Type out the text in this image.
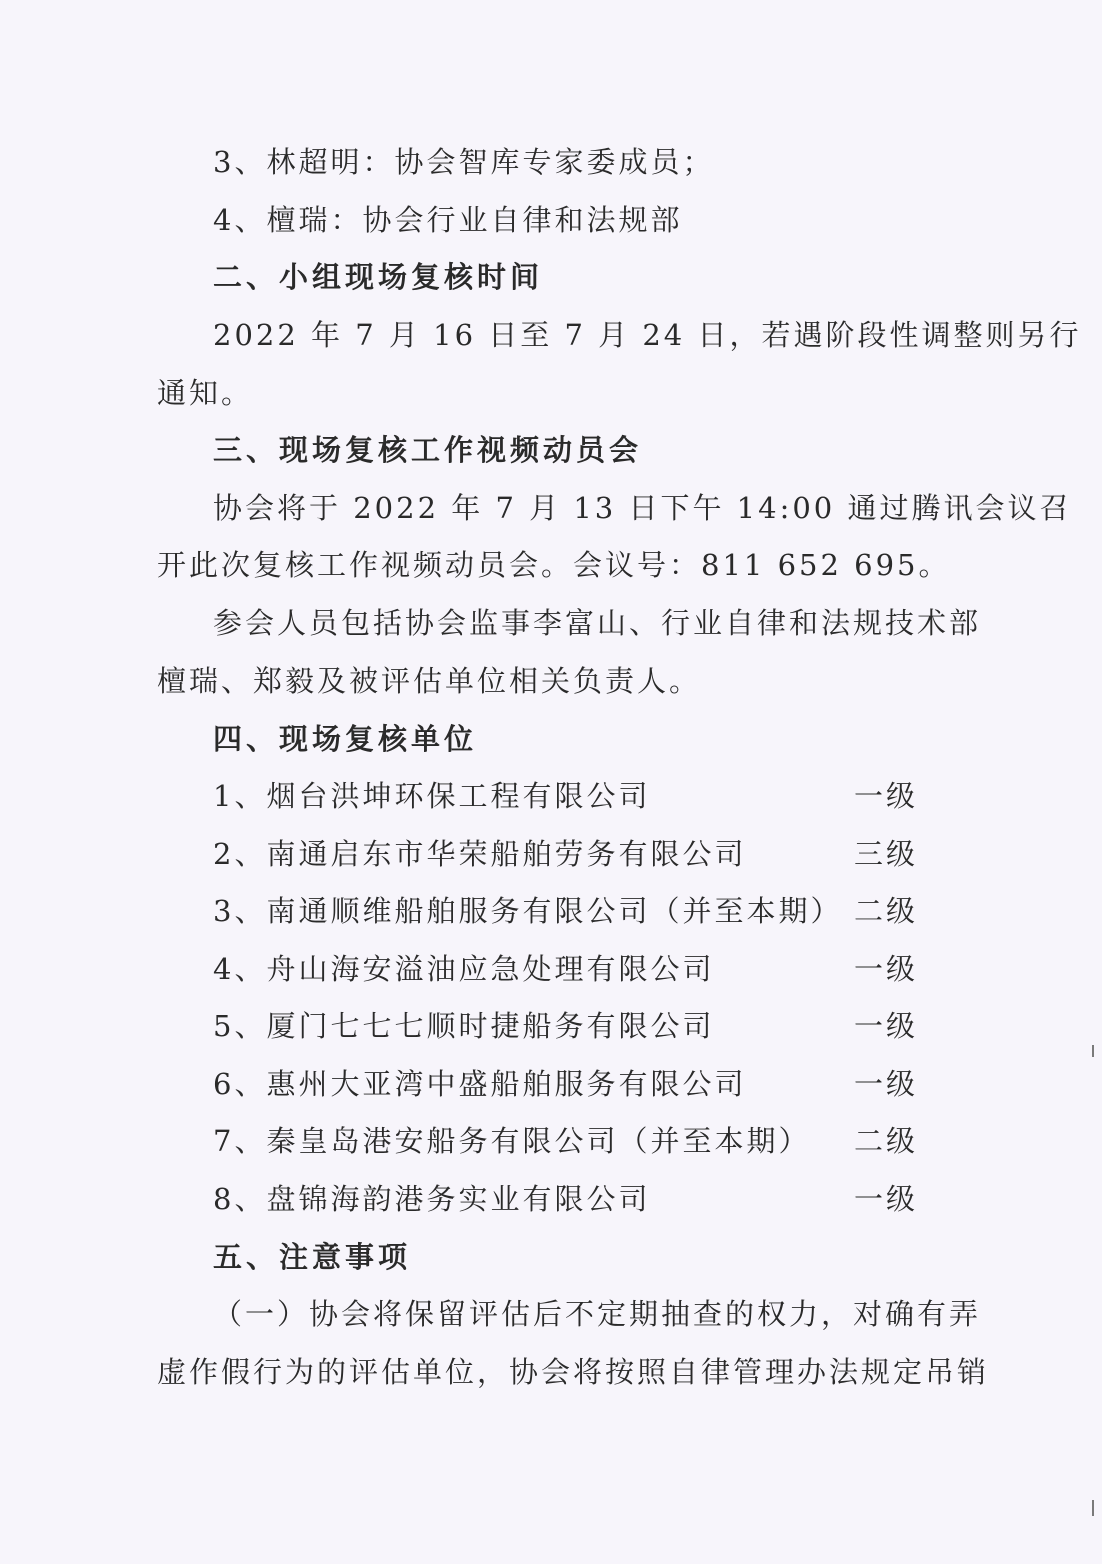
3、林超明：协会智库专家委成员；
4、檀瑞：协会行业自律和法规部
二、小组现场复核时间
2022 年 7 月 16 日至 7 月 24 日，若遇阶段性调整则另行
通知。
三、现场复核工作视频动员会
协会将于 2022 年 7 月 13 日下午 14:00 通过腾讯会议召
开此次复核工作视频动员会。会议号：811 652 695。
参会人员包括协会监事李富山、行业自律和法规技术部
檀瑞、郑毅及被评估单位相关负责人。
四、现场复核单位
1、烟台洪坤环保工程有限公司	一级
2、南通启东市华荣船舶劳务有限公司	三级
3、南通顺维船舶服务有限公司（并至本期） 二级
4、舟山海安溢油应急处理有限公司	一级
5、厦门七七七顺时捷船务有限公司	一级
6、惠州大亚湾中盛船舶服务有限公司	一级
7、秦皇岛港安船务有限公司（并至本期） 二级
8、盘锦海韵港务实业有限公司	一级
五、注意事项
（一）协会将保留评估后不定期抽查的权力，对确有弄
虚作假行为的评估单位，协会将按照自律管理办法规定吊销
